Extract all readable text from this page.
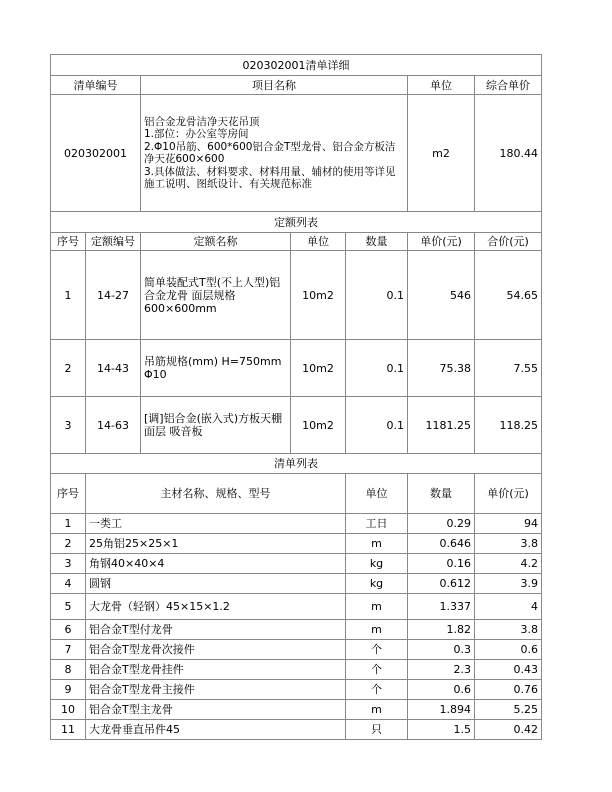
020302001清单详细							
清单编号		项目名称			单位	综合单价	
020302001		铝合金龙骨洁净天花吊顶
1.部位：办公室等房间
2.Φ10吊筋、600*600铝合金T型龙骨、铝合金方板洁净天花600×600
3.具体做法、材料要求、材料用量、辅材的使用等详见施工说明、图纸设计、有关规范标准			m2	180.44	
定额列表							
序号	定额编号	定额名称	单位	数量	单价(元)	合价(元)	
1	14-27	简单装配式T型(不上人型)铝合金龙骨 面层规格600×600mm	10m2	0.1	546	54.65	
2	14-43	吊筋规格(mm) H=750mm Φ10	10m2	0.1	75.38	7.55	
3	14-63	[调]铝合金(嵌入式)方板天棚面层 吸音板	10m2	0.1	1181.25	118.25	
清单列表							
序号	主材名称、规格、型号			单位	数量	单价(元)	
1	一类工			工日	0.29	94	
2	25角铝25×25×1			m	0.646	3.8	
3	角钢40×40×4			kg	0.16	4.2	
4	圆钢			kg	0.612	3.9	
5	大龙骨（轻钢）45×15×1.2			m	1.337	4	
6	铝合金T型付龙骨			m	1.82	3.8	
7	铝合金T型龙骨次接件			个	0.3	0.6	
8	铝合金T型龙骨挂件			个	2.3	0.43	
9	铝合金T型龙骨主接件			个	0.6	0.76	
10	铝合金T型主龙骨			m	1.894	5.25	
11	大龙骨垂直吊件45			只	1.5	0.42	
